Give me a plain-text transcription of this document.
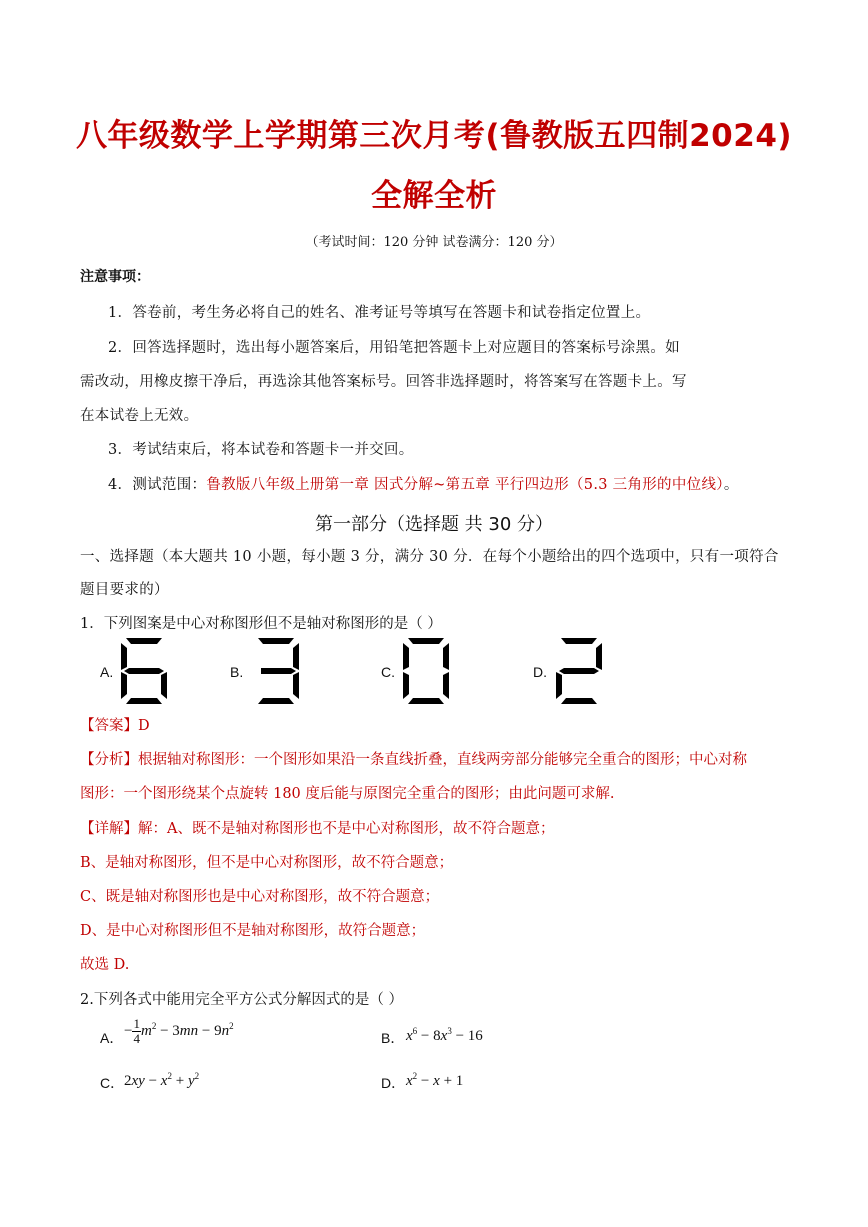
八年级数学上学期第三次月考(鲁教版五四制2024)
全解全析
（考试时间：120 分钟 试卷满分：120 分）
注意事项：
1．答卷前，考生务必将自己的姓名、准考证号等填写在答题卡和试卷指定位置上。
2．回答选择题时，选出每小题答案后，用铅笔把答题卡上对应题目的答案标号涂黑。如
需改动，用橡皮擦干净后，再选涂其他答案标号。回答非选择题时，将答案写在答题卡上。写
在本试卷上无效。
3．考试结束后，将本试卷和答题卡一并交回。
4．测试范围：鲁教版八年级上册第一章 因式分解~第五章 平行四边形（5.3 三角形的中位线）。
第一部分（选择题 共 30 分）
一、选择题（本大题共 10 小题，每小题 3 分，满分 30 分．在每个小题给出的四个选项中，只有一项符合
题目要求的）
1．下列图案是中心对称图形但不是轴对称图形的是（ ）
A.	B.	C.	D.
【答案】D
【分析】根据轴对称图形：一个图形如果沿一条直线折叠，直线两旁部分能够完全重合的图形；中心对称
图形：一个图形绕某个点旋转 180 度后能与原图完全重合的图形；由此问题可求解.
【详解】解：A、既不是轴对称图形也不是中心对称图形，故不符合题意；
B、是轴对称图形，但不是中心对称图形，故不符合题意；
C、既是轴对称图形也是中心对称图形，故不符合题意；
D、是中心对称图形但不是轴对称图形，故符合题意；
故选 D.
2.下列各式中能用完全平方公式分解因式的是（ ）
A． − $\frac{1}{4} m^2 - 3mn - 9n^2$
B． $x^6 - 8x^3 - 16$
C． $2xy - x^2 + y^2$	D． $x^2 - x + 1$
